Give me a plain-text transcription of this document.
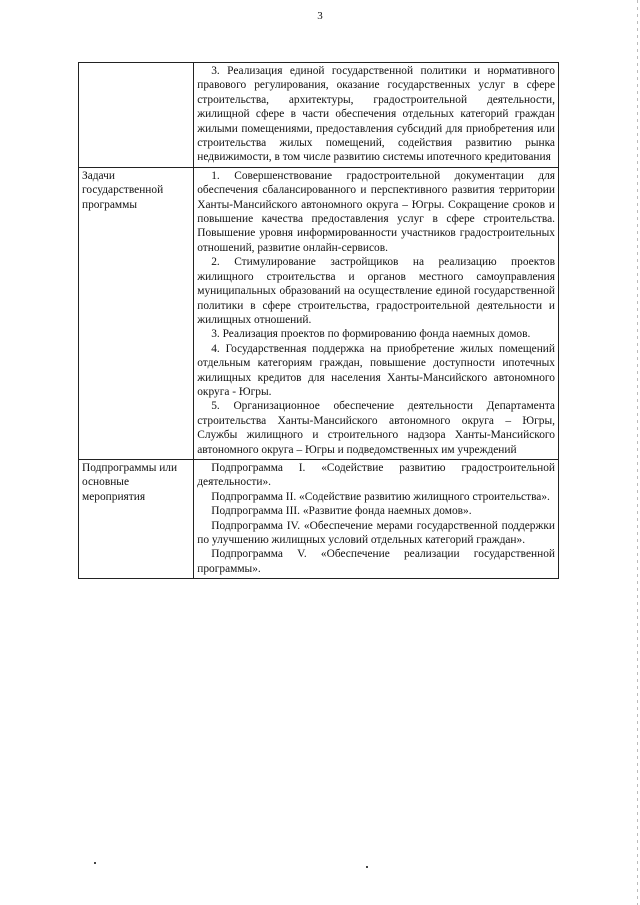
3

	3. Реализация единой государственной политики и нормативного правового регулирования, оказание государственных услуг в сфере строительства, архитектуры, градостроительной деятельности, жилищной сфере в части обеспечения отдельных категорий граждан жилыми помещениями, предоставления субсидий для приобретения или строительства жилых помещений, содействия развитию рынка недвижимости, в том числе развитию системы ипотечного кредитования

Задачи государственной программы	1. Совершенствование градостроительной документации для обеспечения сбалансированного и перспективного развития территории Ханты-Мансийского автономного округа – Югры. Сокращение сроков и повышение качества предоставления услуг в сфере строительства. Повышение уровня информированности участников градостроительных отношений, развитие онлайн-сервисов.

2. Стимулирование застройщиков на реализацию проектов жилищного строительства и органов местного самоуправления муниципальных образований на осуществление единой государственной политики в сфере строительства, градостроительной деятельности и жилищных отношений.

3. Реализация проектов по формированию фонда наемных домов.

4. Государственная поддержка на приобретение жилых помещений отдельным категориям граждан, повышение доступности ипотечных жилищных кредитов для населения Ханты-Мансийского автономного округа - Югры.

5. Организационное обеспечение деятельности Департамента строительства Ханты-Мансийского автономного округа – Югры, Службы жилищного и строительного надзора Ханты-Мансийского автономного округа – Югры и подведомственных им учреждений

Подпрограммы или основные мероприятия	Подпрограмма I. «Содействие развитию градостроительной деятельности».

Подпрограмма II. «Содействие развитию жилищного строительства».

Подпрограмма III. «Развитие фонда наемных домов».

Подпрограмма IV. «Обеспечение мерами государственной поддержки по улучшению жилищных условий отдельных категорий граждан».

Подпрограмма V. «Обеспечение реализации государственной программы».
